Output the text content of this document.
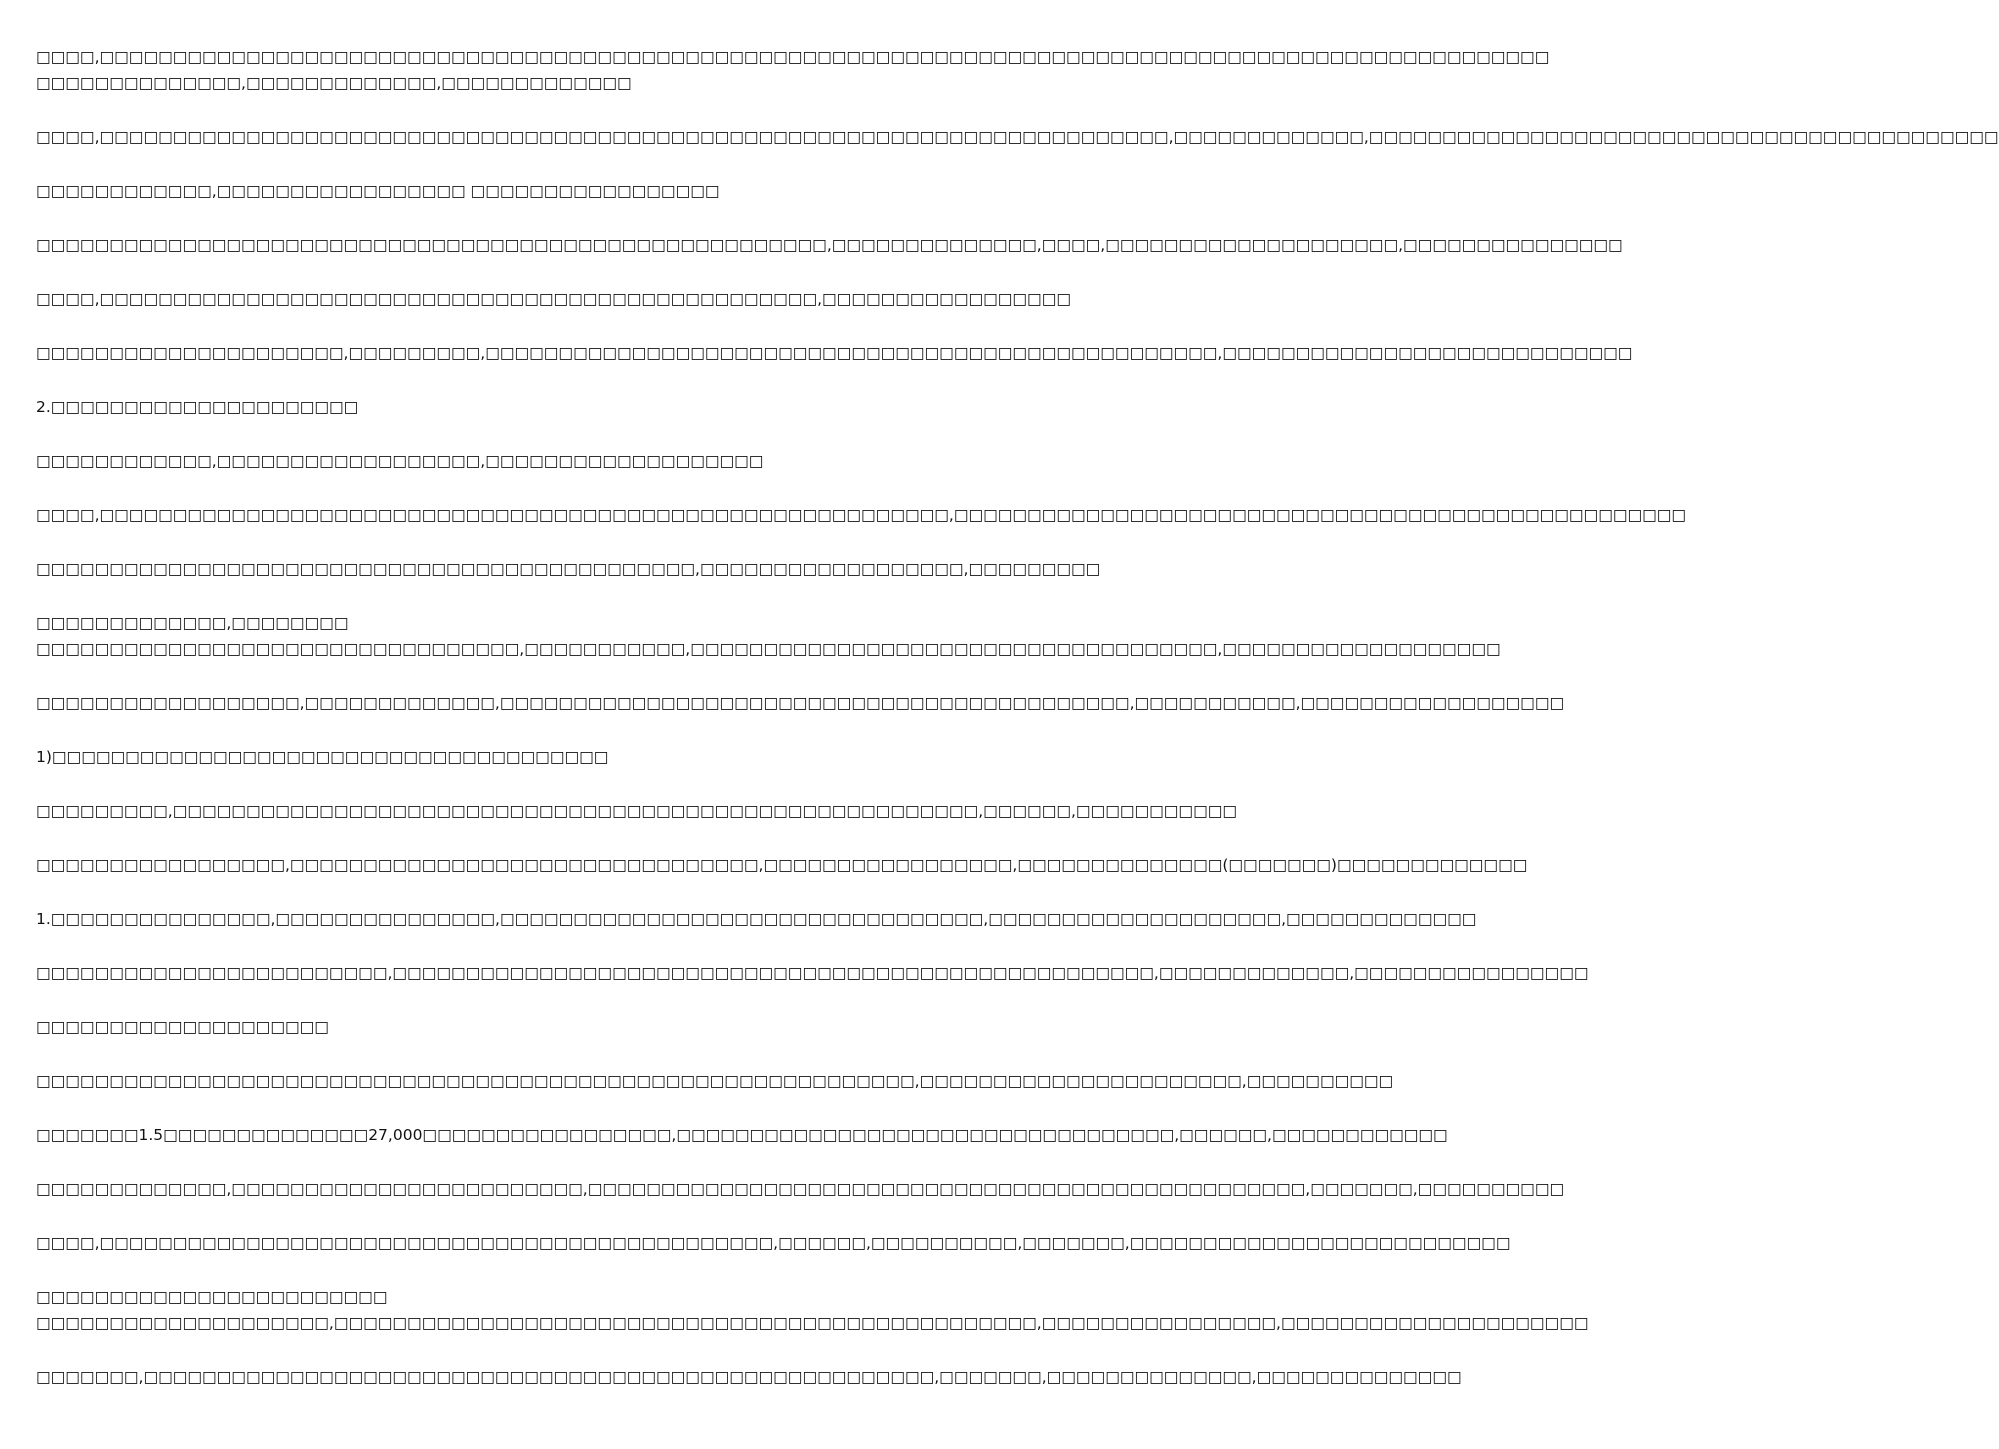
□□□□,□□□□□□□□□□□□□□□□□□□□□□□□□□□□□□□□□□□□□□□□□□□□□□□□□□□□□□□□□□□□□□□□□□□□□□□□□□□□□□□□□□□□□□□□□□□□□□□□□□□
□□□□□□□□□□□□□□,□□□□□□□□□□□□□,□□□□□□□□□□□□□
□□□□,□□□□□□□□□□□□□□□□□□□□□□□□□□□□□□□□□□□□□□□□□□□□□□□□□□□□□□□□□□□□□□□□□□□□□□□□□,□□□□□□□□□□□□□,□□□□□□□□□□□□□□□□□□□□□□□□□□□□□□□□□□□□□□□□□□□
□□□□□□□□□□□□,□□□□□□□□□□□□□□□□□ □□□□□□□□□□□□□□□□□
□□□□□□□□□□□□□□□□□□□□□□□□□□□□□□□□□□□□□□□□□□□□□□□□□□□□□□,□□□□□□□□□□□□□□,□□□□,□□□□□□□□□□□□□□□□□□□□,□□□□□□□□□□□□□□□
□□□□,□□□□□□□□□□□□□□□□□□□□□□□□□□□□□□□□□□□□□□□□□□□□□□□□□,□□□□□□□□□□□□□□□□□
□□□□□□□□□□□□□□□□□□□□□,□□□□□□□□□,□□□□□□□□□□□□□□□□□□□□□□□□□□□□□□□□□□□□□□□□□□□□□□□□□□,□□□□□□□□□□□□□□□□□□□□□□□□□□□□
2.□□□□□□□□□□□□□□□□□□□□□
□□□□□□□□□□□□,□□□□□□□□□□□□□□□□□□,□□□□□□□□□□□□□□□□□□□
□□□□,□□□□□□□□□□□□□□□□□□□□□□□□□□□□□□□□□□□□□□□□□□□□□□□□□□□□□□□□□□,□□□□□□□□□□□□□□□□□□□□□□□□□□□□□□□□□□□□□□□□□□□□□□□□□□
□□□□□□□□□□□□□□□□□□□□□□□□□□□□□□□□□□□□□□□□□□□□□,□□□□□□□□□□□□□□□□□□,□□□□□□□□□
□□□□□□□□□□□□□,□□□□□□□□
□□□□□□□□□□□□□□□□□□□□□□□□□□□□□□□□□,□□□□□□□□□□□,□□□□□□□□□□□□□□□□□□□□□□□□□□□□□□□□□□□□,□□□□□□□□□□□□□□□□□□□
□□□□□□□□□□□□□□□□□□,□□□□□□□□□□□□□,□□□□□□□□□□□□□□□□□□□□□□□□□□□□□□□□□□□□□□□□□□□,□□□□□□□□□□□,□□□□□□□□□□□□□□□□□□
1)□□□□□□□□□□□□□□□□□□□□□□□□□□□□□□□□□□□□□□
□□□□□□□□□,□□□□□□□□□□□□□□□□□□□□□□□□□□□□□□□□□□□□□□□□□□□□□□□□□□□□□□□,□□□□□□,□□□□□□□□□□□
□□□□□□□□□□□□□□□□□,□□□□□□□□□□□□□□□□□□□□□□□□□□□□□□□□,□□□□□□□□□□□□□□□□□,□□□□□□□□□□□□□□(□□□□□□□)□□□□□□□□□□□□□
1.□□□□□□□□□□□□□□□,□□□□□□□□□□□□□□□,□□□□□□□□□□□□□□□□□□□□□□□□□□□□□□□□□,□□□□□□□□□□□□□□□□□□□□,□□□□□□□□□□□□□
□□□□□□□□□□□□□□□□□□□□□□□□,□□□□□□□□□□□□□□□□□□□□□□□□□□□□□□□□□□□□□□□□□□□□□□□□□□□□,□□□□□□□□□□□□□,□□□□□□□□□□□□□□□□
□□□□□□□□□□□□□□□□□□□□
□□□□□□□□□□□□□□□□□□□□□□□□□□□□□□□□□□□□□□□□□□□□□□□□□□□□□□□□□□□□,□□□□□□□□□□□□□□□□□□□□□□,□□□□□□□□□□
□□□□□□□1.5□□□□□□□□□□□□□□27,000□□□□□□□□□□□□□□□□□,□□□□□□□□□□□□□□□□□□□□□□□□□□□□□□□□□□,□□□□□□,□□□□□□□□□□□□
□□□□□□□□□□□□□,□□□□□□□□□□□□□□□□□□□□□□□□,□□□□□□□□□□□□□□□□□□□□□□□□□□□□□□□□□□□□□□□□□□□□□□□□□,□□□□□□□,□□□□□□□□□□
□□□□,□□□□□□□□□□□□□□□□□□□□□□□□□□□□□□□□□□□□□□□□□□□□□□,□□□□□□,□□□□□□□□□□,□□□□□□□,□□□□□□□□□□□□□□□□□□□□□□□□□□
□□□□□□□□□□□□□□□□□□□□□□□□
□□□□□□□□□□□□□□□□□□□□,□□□□□□□□□□□□□□□□□□□□□□□□□□□□□□□□□□□□□□□□□□□□□□□□,□□□□□□□□□□□□□□□□,□□□□□□□□□□□□□□□□□□□□□
□□□□□□□,□□□□□□□□□□□□□□□□□□□□□□□□□□□□□□□□□□□□□□□□□□□□□□□□□□□□□□,□□□□□□□,□□□□□□□□□□□□□□,□□□□□□□□□□□□□□
